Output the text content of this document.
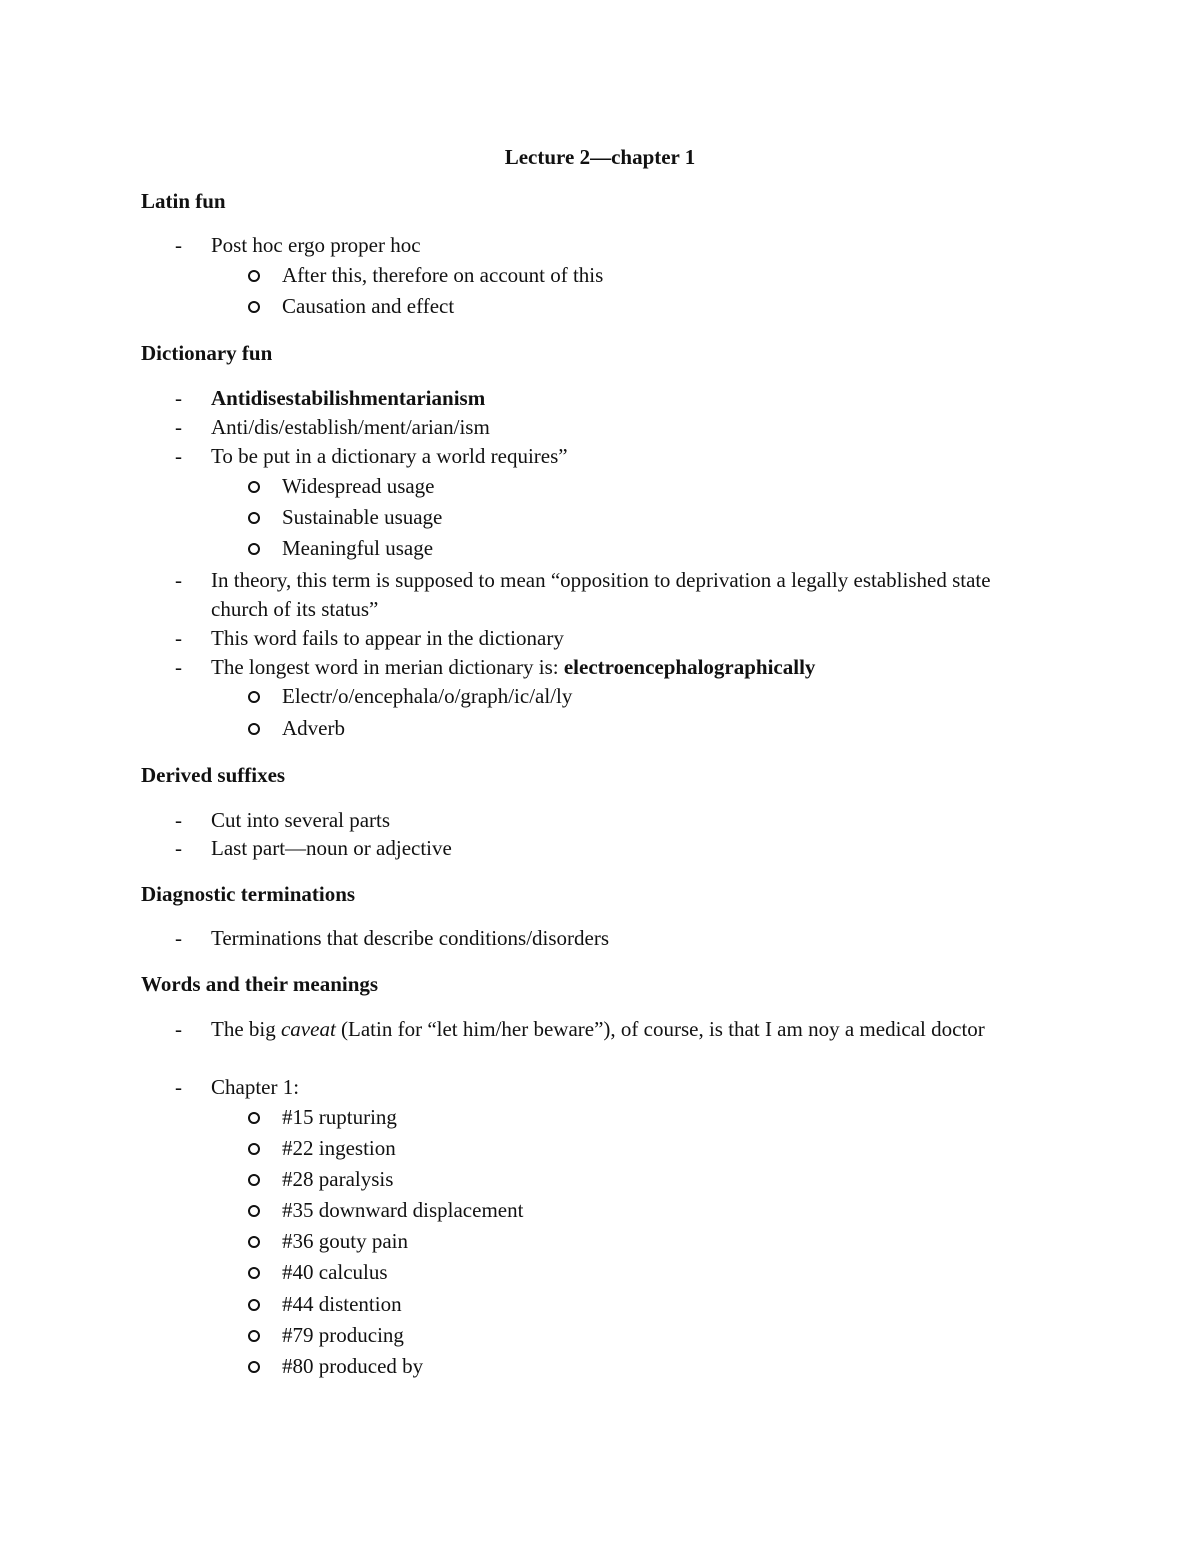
Lecture 2—chapter 1
Latin fun
- Post hoc ergo proper hoc
After this, therefore on account of this
Causation and effect
Dictionary fun
- Antidisestabilishmentarianism
- Anti/dis/establish/ment/arian/ism
- To be put in a dictionary a world requires”
Widespread usage
Sustainable usuage
Meaningful usage
- In theory, this term is supposed to mean “opposition to deprivation a legally established state church of its status”
- This word fails to appear in the dictionary
- The longest word in merian dictionary is: electroencephalographically
Electr/o/encephala/o/graph/ic/al/ly
Adverb
Derived suffixes
- Cut into several parts
- Last part—noun or adjective
Diagnostic terminations
- Terminations that describe conditions/disorders
Words and their meanings
- The big caveat (Latin for “let him/her beware”), of course, is that I am noy a medical doctor
- Chapter 1:
#15 rupturing
#22 ingestion
#28 paralysis
#35 downward displacement
#36 gouty pain
#40 calculus
#44 distention
#79 producing
#80 produced by
